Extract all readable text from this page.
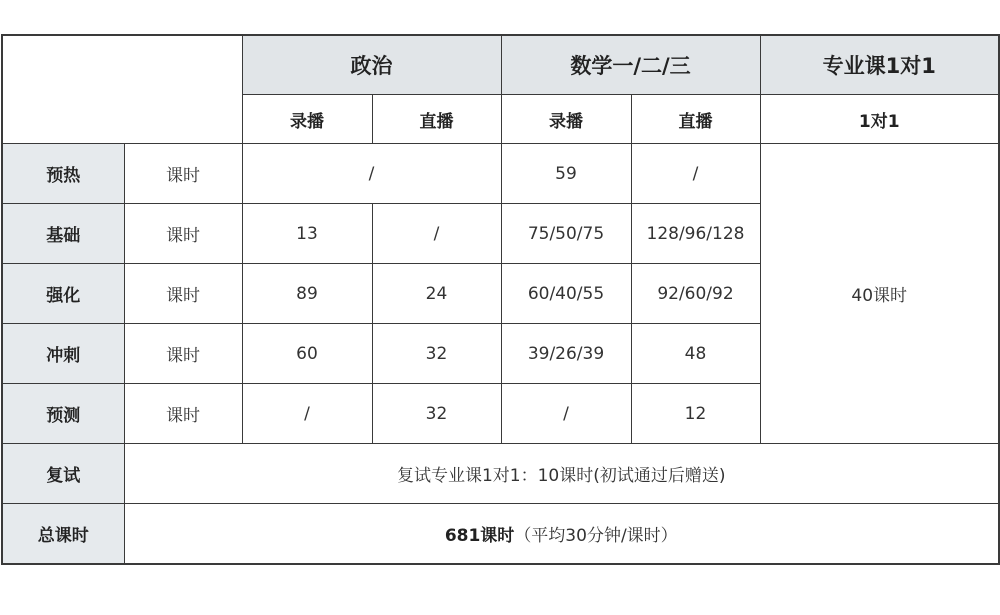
		政治		数学一/二/三		专业课1对1
		录播	直播	录播	直播	1对1
预热	课时	/		59	/	40课时
基础	课时	13	/	75/50/75	128/96/128	
强化	课时	89	24	60/40/55	92/60/92	
冲刺	课时	60	32	39/26/39	48	
预测	课时	/	32	/	12	
复试	复试专业课1对1：10课时(初试通过后赠送)					
总课时	681课时（平均30分钟/课时）					
